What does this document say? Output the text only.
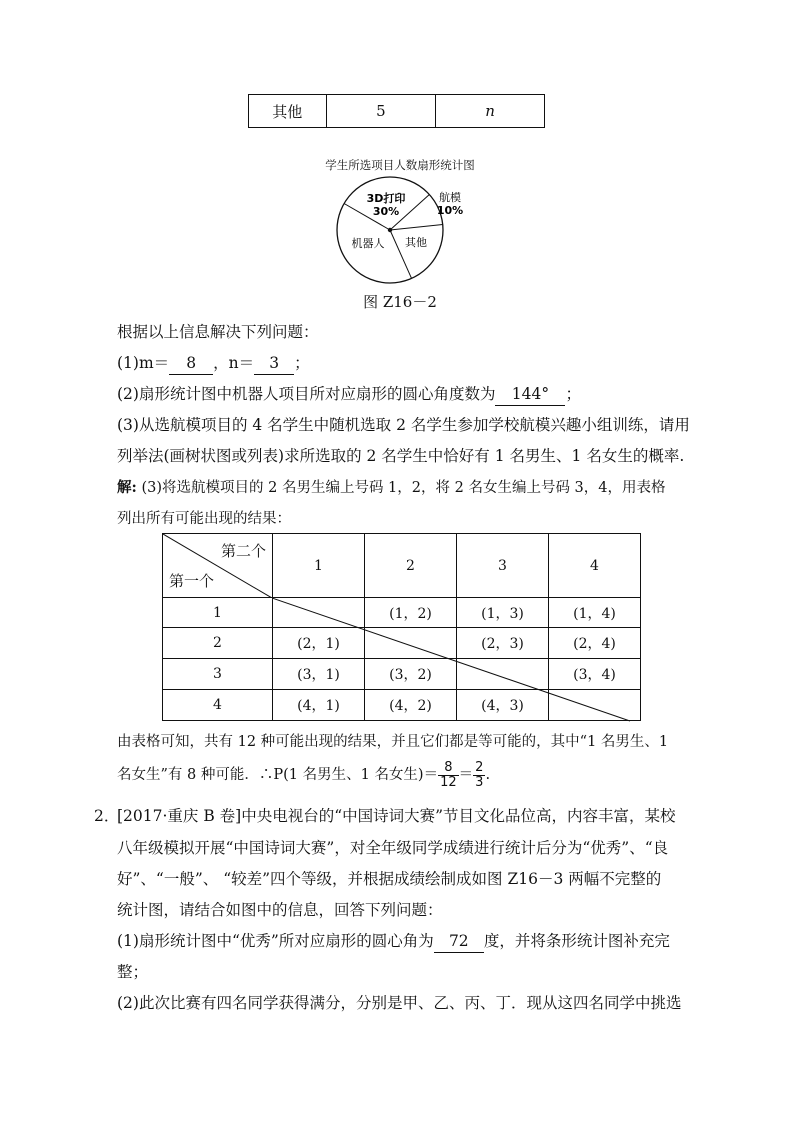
其他	5	n
学生所选项目人数扇形统计图
3D打印
30%
航模
10%
其他
机器人
图 Z16－2
根据以上信息解决下列问题：
(1)m＝ 8 ，n＝ 3 ；
(2)扇形统计图中机器人项目所对应扇形的圆心角度数为 144° ；
(3)从选航模项目的 4 名学生中随机选取 2 名学生参加学校航模兴趣小组训练，请用
列举法(画树状图或列表)求所选取的 2 名学生中恰好有 1 名男生、1 名女生的概率.
解: (3)将选航模项目的 2 名男生编上号码 1，2，将 2 名女生编上号码 3，4，用表格
列出所有可能出现的结果：
第二个
第一个	1	2	3	4
1		(1，2)	(1，3)	(1，4)
2	(2，1)		(2，3)	(2，4)
3	(3，1)	(3，2)		(3，4)
4	(4，1)	(4，2)	(4，3)	
由表格可知，共有 12 种可能出现的结果，并且它们都是等可能的，其中“1 名男生、1
名女生”有 8 种可能．∴P(1 名男生、1 名女生)＝ $\frac{8}{12} = \frac{2}{3}$ .
2．
[2017·重庆 B 卷]中央电视台的“中国诗词大赛”节目文化品位高，内容丰富，某校
八年级模拟开展“中国诗词大赛”，对全年级同学成绩进行统计后分为“优秀”、“良
好”、“一般”、 “较差”四个等级，并根据成绩绘制成如图 Z16－3 两幅不完整的
统计图，请结合如图中的信息，回答下列问题：
(1)扇形统计图中“优秀”所对应扇形的圆心角为 72 度，并将条形统计图补充完
整；
(2)此次比赛有四名同学获得满分，分别是甲、乙、丙、丁．现从这四名同学中挑选
